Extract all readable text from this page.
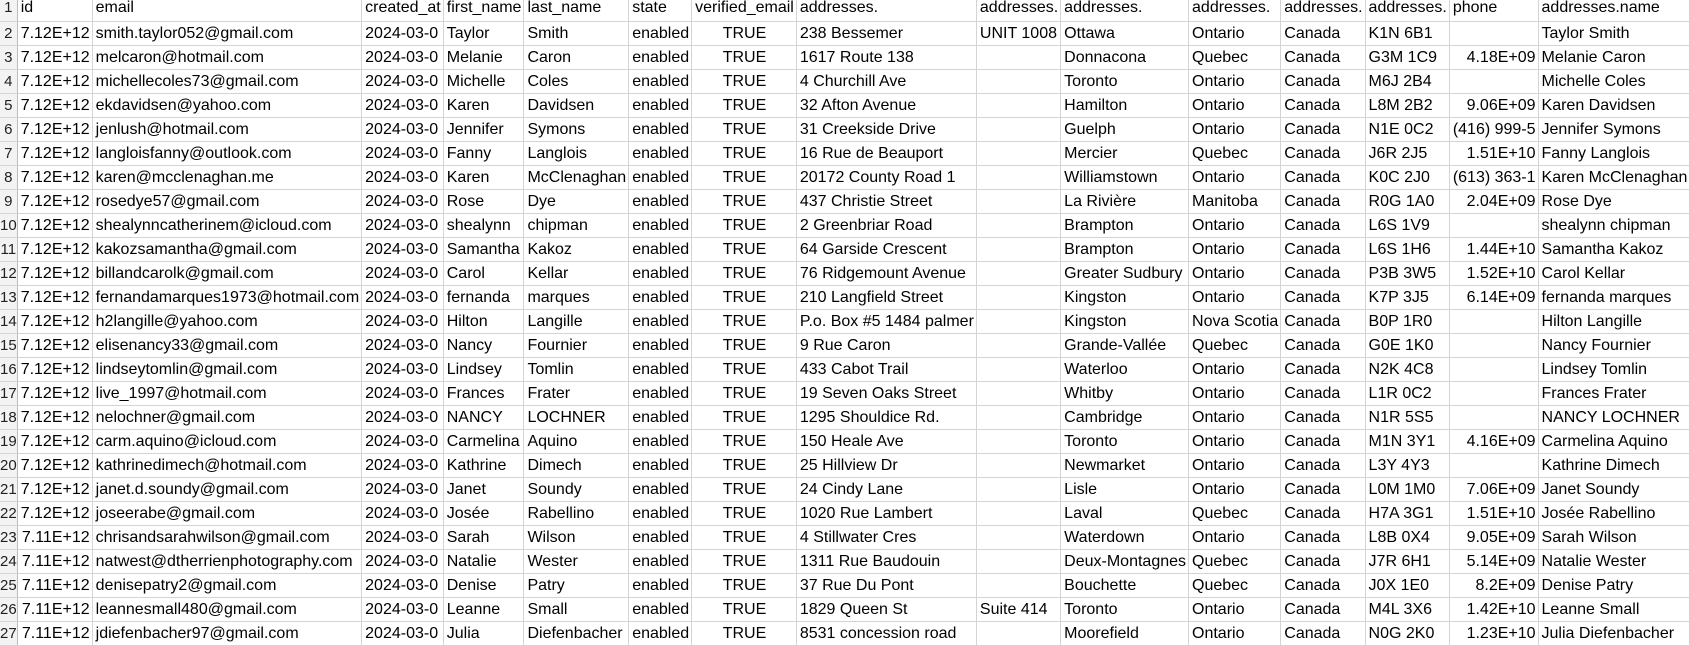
1	id	email	created_at	first_name	last_name	state	verified_email	addresses.	addresses.	addresses.	addresses.	addresses.	addresses.	phone	addresses.name
2	7.12E+12	smith.taylor052@gmail.com	2024-03-0	Taylor	Smith	enabled	TRUE	238 Bessemer	UNIT 1008	Ottawa	Ontario	Canada	K1N 6B1		Taylor Smith
3	7.12E+12	melcaron@hotmail.com	2024-03-0	Melanie	Caron	enabled	TRUE	1617 Route 138		Donnacona	Quebec	Canada	G3M 1C9	4.18E+09	Melanie Caron
4	7.12E+12	michellecoles73@gmail.com	2024-03-0	Michelle	Coles	enabled	TRUE	4 Churchill Ave		Toronto	Ontario	Canada	M6J 2B4		Michelle Coles
5	7.12E+12	ekdavidsen@yahoo.com	2024-03-0	Karen	Davidsen	enabled	TRUE	32 Afton Avenue		Hamilton	Ontario	Canada	L8M 2B2	9.06E+09	Karen Davidsen
6	7.12E+12	jenlush@hotmail.com	2024-03-0	Jennifer	Symons	enabled	TRUE	31 Creekside Drive		Guelph	Ontario	Canada	N1E 0C2	(416) 999-5	Jennifer Symons
7	7.12E+12	langloisfanny@outlook.com	2024-03-0	Fanny	Langlois	enabled	TRUE	16 Rue de Beauport		Mercier	Quebec	Canada	J6R 2J5	1.51E+10	Fanny Langlois
8	7.12E+12	karen@mcclenaghan.me	2024-03-0	Karen	McClenaghan	enabled	TRUE	20172 County Road 1		Williamstown	Ontario	Canada	K0C 2J0	(613) 363-1	Karen McClenaghan
9	7.12E+12	rosedye57@gmail.com	2024-03-0	Rose	Dye	enabled	TRUE	437 Christie Street		La Rivière	Manitoba	Canada	R0G 1A0	2.04E+09	Rose Dye
10	7.12E+12	shealynncatherinem@icloud.com	2024-03-0	shealynn	chipman	enabled	TRUE	2 Greenbriar Road		Brampton	Ontario	Canada	L6S 1V9		shealynn chipman
11	7.12E+12	kakozsamantha@gmail.com	2024-03-0	Samantha	Kakoz	enabled	TRUE	64 Garside Crescent		Brampton	Ontario	Canada	L6S 1H6	1.44E+10	Samantha Kakoz
12	7.12E+12	billandcarolk@gmail.com	2024-03-0	Carol	Kellar	enabled	TRUE	76 Ridgemount Avenue		Greater Sudbury	Ontario	Canada	P3B 3W5	1.52E+10	Carol Kellar
13	7.12E+12	fernandamarques1973@hotmail.com	2024-03-0	fernanda	marques	enabled	TRUE	210 Langfield Street		Kingston	Ontario	Canada	K7P 3J5	6.14E+09	fernanda marques
14	7.12E+12	h2langille@yahoo.com	2024-03-0	Hilton	Langille	enabled	TRUE	P.o. Box #5 1484 palmer		Kingston	Nova Scotia	Canada	B0P 1R0		Hilton Langille
15	7.12E+12	elisenancy33@gmail.com	2024-03-0	Nancy	Fournier	enabled	TRUE	9 Rue Caron		Grande-Vallée	Quebec	Canada	G0E 1K0		Nancy Fournier
16	7.12E+12	lindseytomlin@gmail.com	2024-03-0	Lindsey	Tomlin	enabled	TRUE	433 Cabot Trail		Waterloo	Ontario	Canada	N2K 4C8		Lindsey Tomlin
17	7.12E+12	live_1997@hotmail.com	2024-03-0	Frances	Frater	enabled	TRUE	19 Seven Oaks Street		Whitby	Ontario	Canada	L1R 0C2		Frances Frater
18	7.12E+12	nelochner@gmail.com	2024-03-0	NANCY	LOCHNER	enabled	TRUE	1295 Shouldice Rd.		Cambridge	Ontario	Canada	N1R 5S5		NANCY LOCHNER
19	7.12E+12	carm.aquino@icloud.com	2024-03-0	Carmelina	Aquino	enabled	TRUE	150 Heale Ave		Toronto	Ontario	Canada	M1N 3Y1	4.16E+09	Carmelina Aquino
20	7.12E+12	kathrinedimech@hotmail.com	2024-03-0	Kathrine	Dimech	enabled	TRUE	25 Hillview Dr		Newmarket	Ontario	Canada	L3Y 4Y3		Kathrine Dimech
21	7.12E+12	janet.d.soundy@gmail.com	2024-03-0	Janet	Soundy	enabled	TRUE	24 Cindy Lane		Lisle	Ontario	Canada	L0M 1M0	7.06E+09	Janet Soundy
22	7.12E+12	joseerabe@gmail.com	2024-03-0	Josée	Rabellino	enabled	TRUE	1020 Rue Lambert		Laval	Quebec	Canada	H7A 3G1	1.51E+10	Josée Rabellino
23	7.11E+12	chrisandsarahwilson@gmail.com	2024-03-0	Sarah	Wilson	enabled	TRUE	4 Stillwater Cres		Waterdown	Ontario	Canada	L8B 0X4	9.05E+09	Sarah Wilson
24	7.11E+12	natwest@dtherrienphotography.com	2024-03-0	Natalie	Wester	enabled	TRUE	1311 Rue Baudouin		Deux-Montagnes	Quebec	Canada	J7R 6H1	5.14E+09	Natalie Wester
25	7.11E+12	denisepatry2@gmail.com	2024-03-0	Denise	Patry	enabled	TRUE	37 Rue Du Pont		Bouchette	Quebec	Canada	J0X 1E0	8.2E+09	Denise Patry
26	7.11E+12	leannesmall480@gmail.com	2024-03-0	Leanne	Small	enabled	TRUE	1829 Queen St	Suite 414	Toronto	Ontario	Canada	M4L 3X6	1.42E+10	Leanne Small
27	7.11E+12	jdiefenbacher97@gmail.com	2024-03-0	Julia	Diefenbacher	enabled	TRUE	8531 concession road		Moorefield	Ontario	Canada	N0G 2K0	1.23E+10	Julia Diefenbacher
